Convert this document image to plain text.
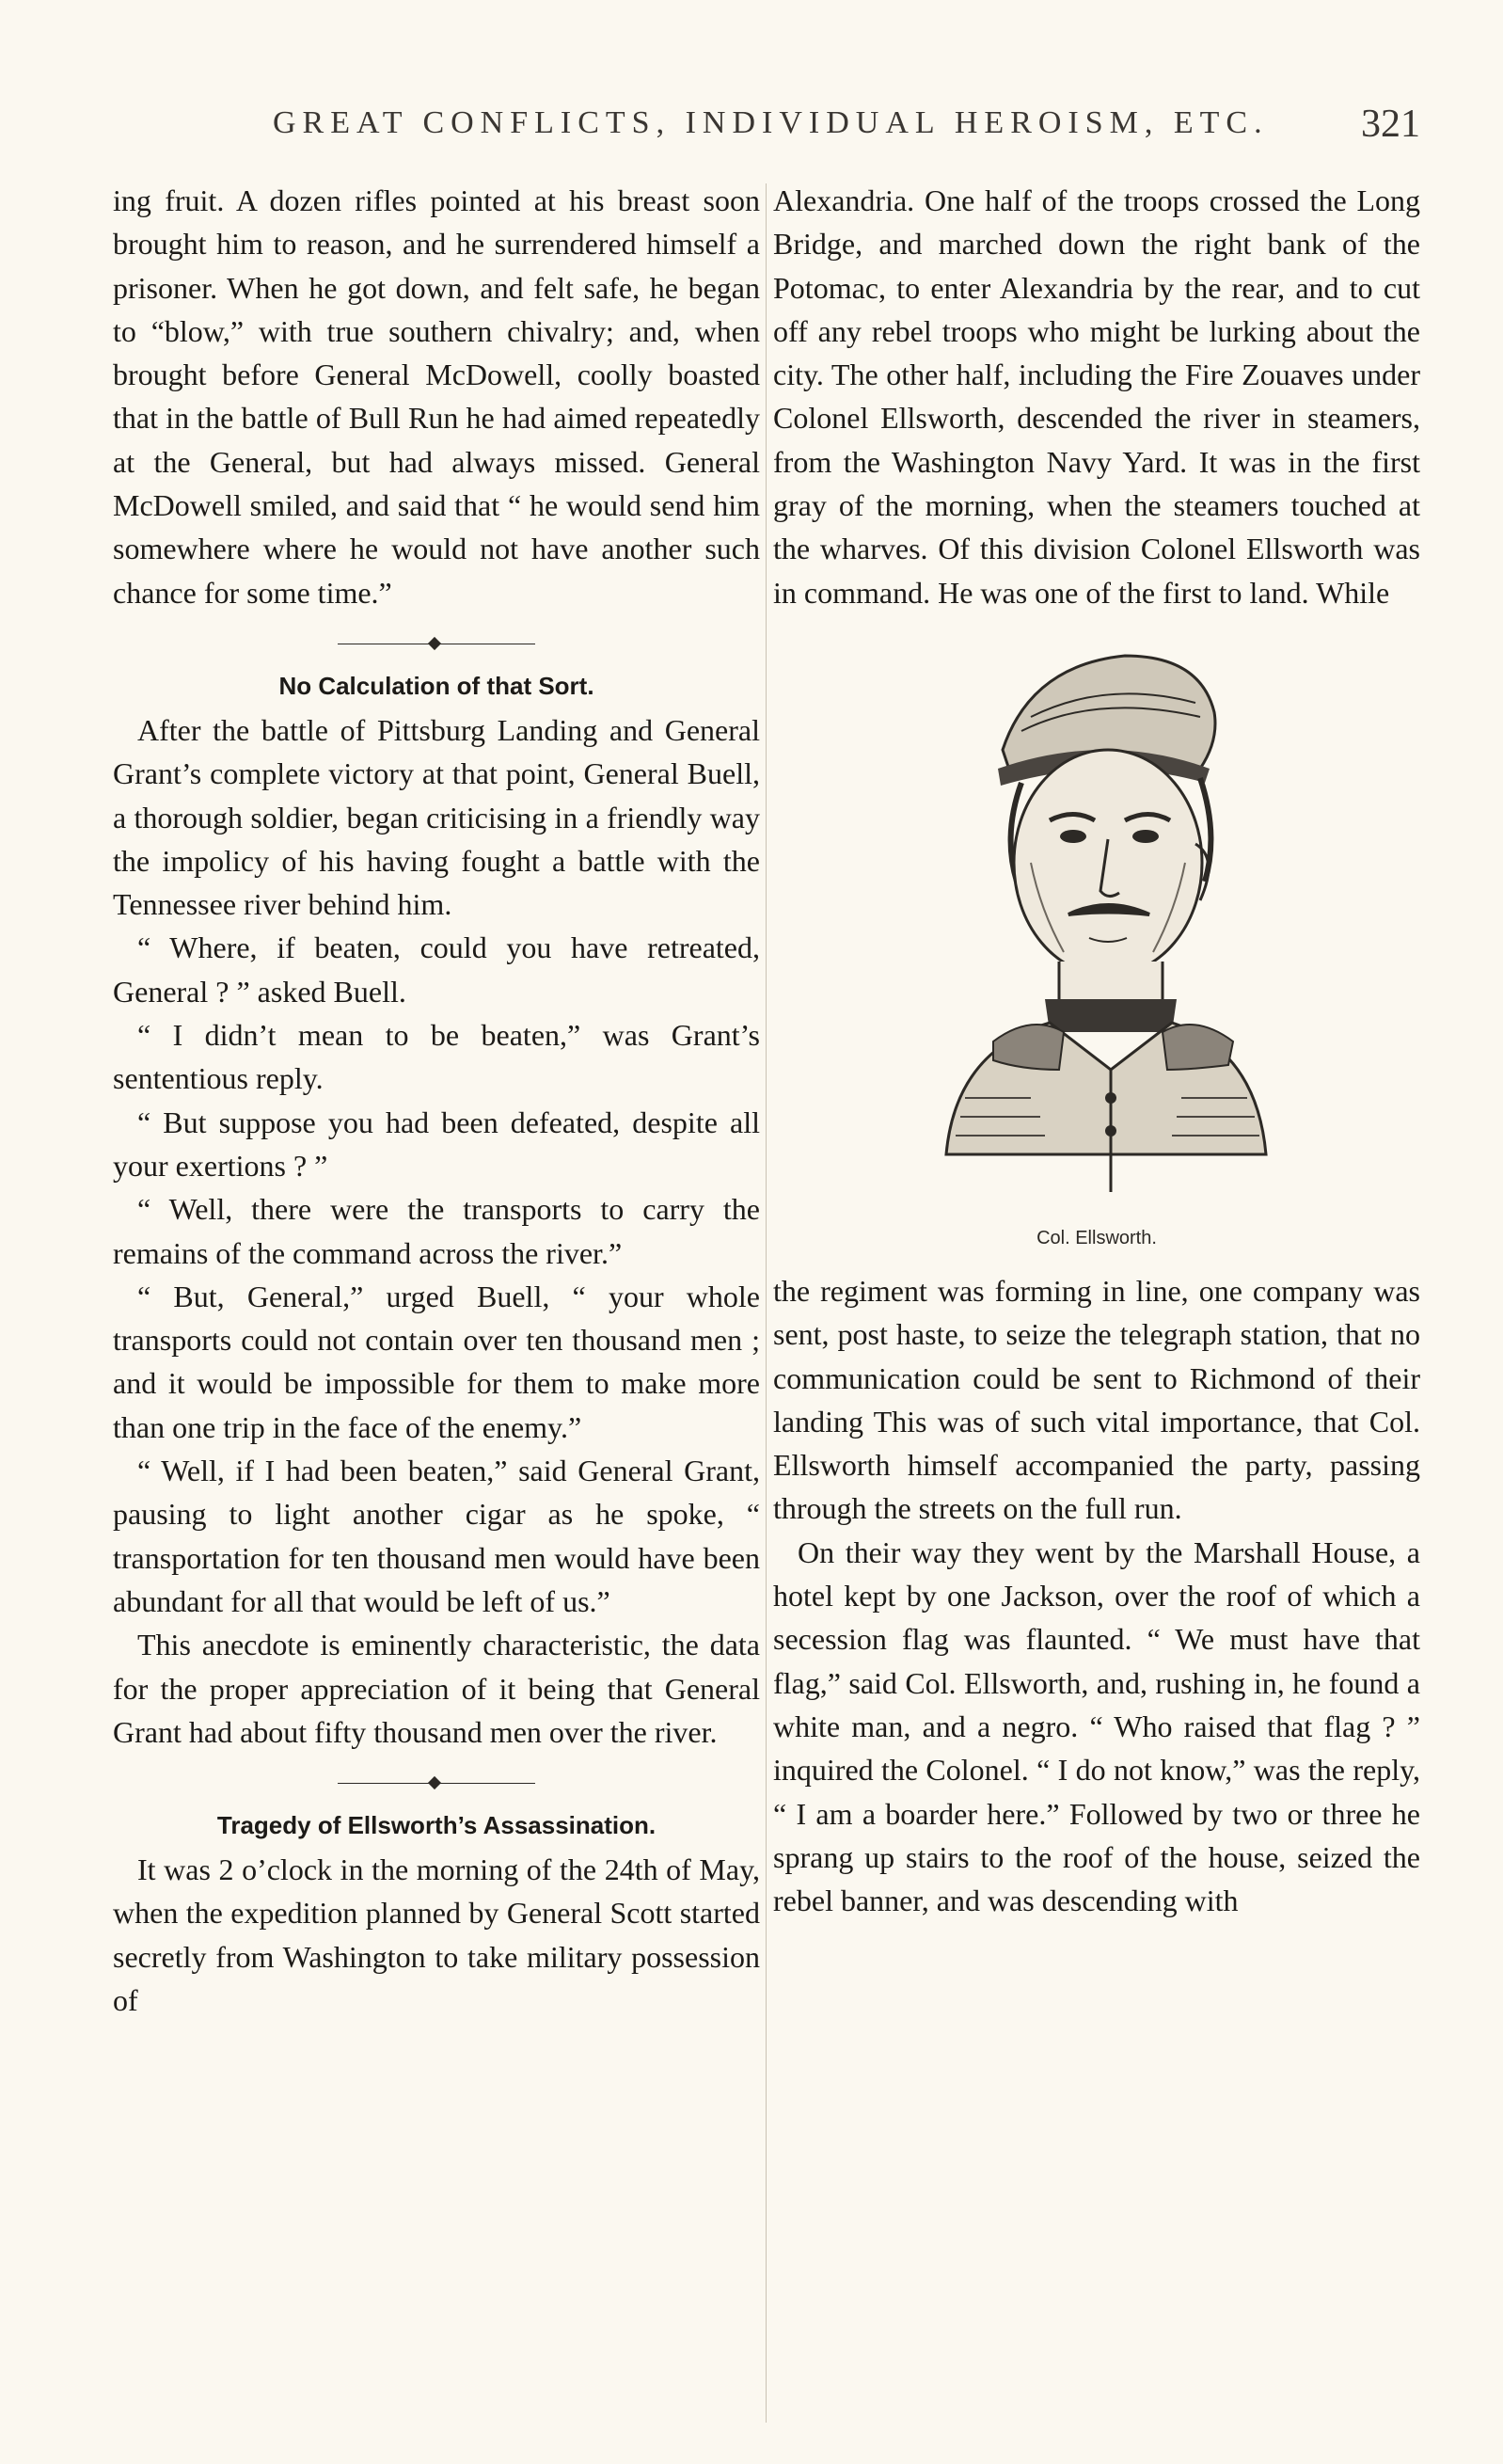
GREAT CONFLICTS, INDIVIDUAL HEROISM, ETC. 321

ing fruit. A dozen rifles pointed at his breast soon brought him to reason, and he surrendered himself a prisoner. When he got down, and felt safe, he began to “blow,” with true southern chivalry; and, when brought before General McDowell, coolly boasted that in the battle of Bull Run he had aimed repeatedly at the General, but had always missed. General McDowell smiled, and said that “ he would send him somewhere where he would not have another such chance for some time.”

No Calculation of that Sort.

After the battle of Pittsburg Landing and General Grant’s complete victory at that point, General Buell, a thorough soldier, began criticising in a friendly way the impolicy of his having fought a battle with the Tennessee river behind him.

“ Where, if beaten, could you have retreated, General ? ” asked Buell.

“ I didn’t mean to be beaten,” was Grant’s sententious reply.

“ But suppose you had been defeated, despite all your exertions ? ”

“ Well, there were the transports to carry the remains of the command across the river.”

“ But, General,” urged Buell, “ your whole transports could not contain over ten thousand men ; and it would be impossible for them to make more than one trip in the face of the enemy.”

“ Well, if I had been beaten,” said General Grant, pausing to light another cigar as he spoke, “ transportation for ten thousand men would have been abundant for all that would be left of us.”

This anecdote is eminently characteristic, the data for the proper appreciation of it being that General Grant had about fifty thousand men over the river.

Tragedy of Ellsworth’s Assassination.

It was 2 o’clock in the morning of the 24th of May, when the expedition planned by General Scott started secretly from Washington to take military possession of

Alexandria. One half of the troops crossed the Long Bridge, and marched down the right bank of the Potomac, to enter Alexandria by the rear, and to cut off any rebel troops who might be lurking about the city. The other half, including the Fire Zouaves under Colonel Ellsworth, descended the river in steamers, from the Washington Navy Yard. It was in the first gray of the morning, when the steamers touched at the wharves. Of this division Colonel Ellsworth was in command. He was one of the first to land. While

Col. Ellsworth.

the regiment was forming in line, one company was sent, post haste, to seize the telegraph station, that no communication could be sent to Richmond of their landing This was of such vital importance, that Col. Ellsworth himself accompanied the party, passing through the streets on the full run.

On their way they went by the Marshall House, a hotel kept by one Jackson, over the roof of which a secession flag was flaunted. “ We must have that flag,” said Col. Ellsworth, and, rushing in, he found a white man, and a negro. “ Who raised that flag ? ” inquired the Colonel. “ I do not know,” was the reply, “ I am a boarder here.” Followed by two or three he sprang up stairs to the roof of the house, seized the rebel banner, and was descending with
